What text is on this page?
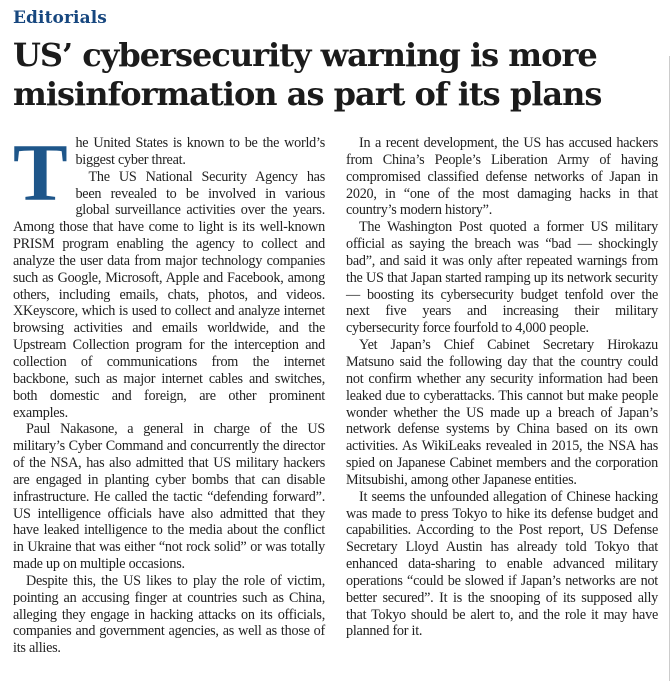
Editorials
US’ cybersecurity warning is more
misinformation as part of its plans

The United States is known to be the world’s biggest cyber threat.

The US National Security Agency has been revealed to be involved in various global surveillance activities over the years. Among those that have come to light is its well-known PRISM program enabling the agency to collect and analyze the user data from major technology companies such as Google, Microsoft, Apple and Facebook, among others, including emails, chats, photos, and videos. XKeyscore, which is used to collect and analyze internet browsing activities and emails worldwide, and the Upstream Collection program for the interception and collection of communications from the internet backbone, such as major internet cables and switches, both domestic and foreign, are other prominent examples.

Paul Nakasone, a general in charge of the US military’s Cyber Command and concurrently the director of the NSA, has also admitted that US military hackers are engaged in planting cyber bombs that can disable infrastructure. He called the tactic “defending forward”. US intelligence officials have also admitted that they have leaked intelligence to the media about the conflict in Ukraine that was either “not rock solid” or was totally made up on multiple occasions.

Despite this, the US likes to play the role of victim, pointing an accusing finger at countries such as China, alleging they engage in hacking attacks on its officials, companies and government agencies, as well as those of its allies.

In a recent development, the US has accused hackers from China’s People’s Liberation Army of having compromised classified defense networks of Japan in 2020, in “one of the most damaging hacks in that country’s modern history”.

The Washington Post quoted a former US military official as saying the breach was “bad — shockingly bad”, and said it was only after repeated warnings from the US that Japan started ramping up its network security — boosting its cybersecurity budget tenfold over the next five years and increasing their military cybersecurity force fourfold to 4,000 people.

Yet Japan’s Chief Cabinet Secretary Hirokazu Matsuno said the following day that the country could not confirm whether any security information had been leaked due to cyberattacks. This cannot but make people wonder whether the US made up a breach of Japan’s network defense systems by China based on its own activities. As WikiLeaks revealed in 2015, the NSA has spied on Japanese Cabinet members and the corporation Mitsubishi, among other Japanese entities.

It seems the unfounded allegation of Chinese hacking was made to press Tokyo to hike its defense budget and capabilities. According to the Post report, US Defense Secretary Lloyd Austin has already told Tokyo that enhanced data-sharing to enable advanced military operations “could be slowed if Japan’s networks are not better secured”. It is the snooping of its supposed ally that Tokyo should be alert to, and the role it may have planned for it.
